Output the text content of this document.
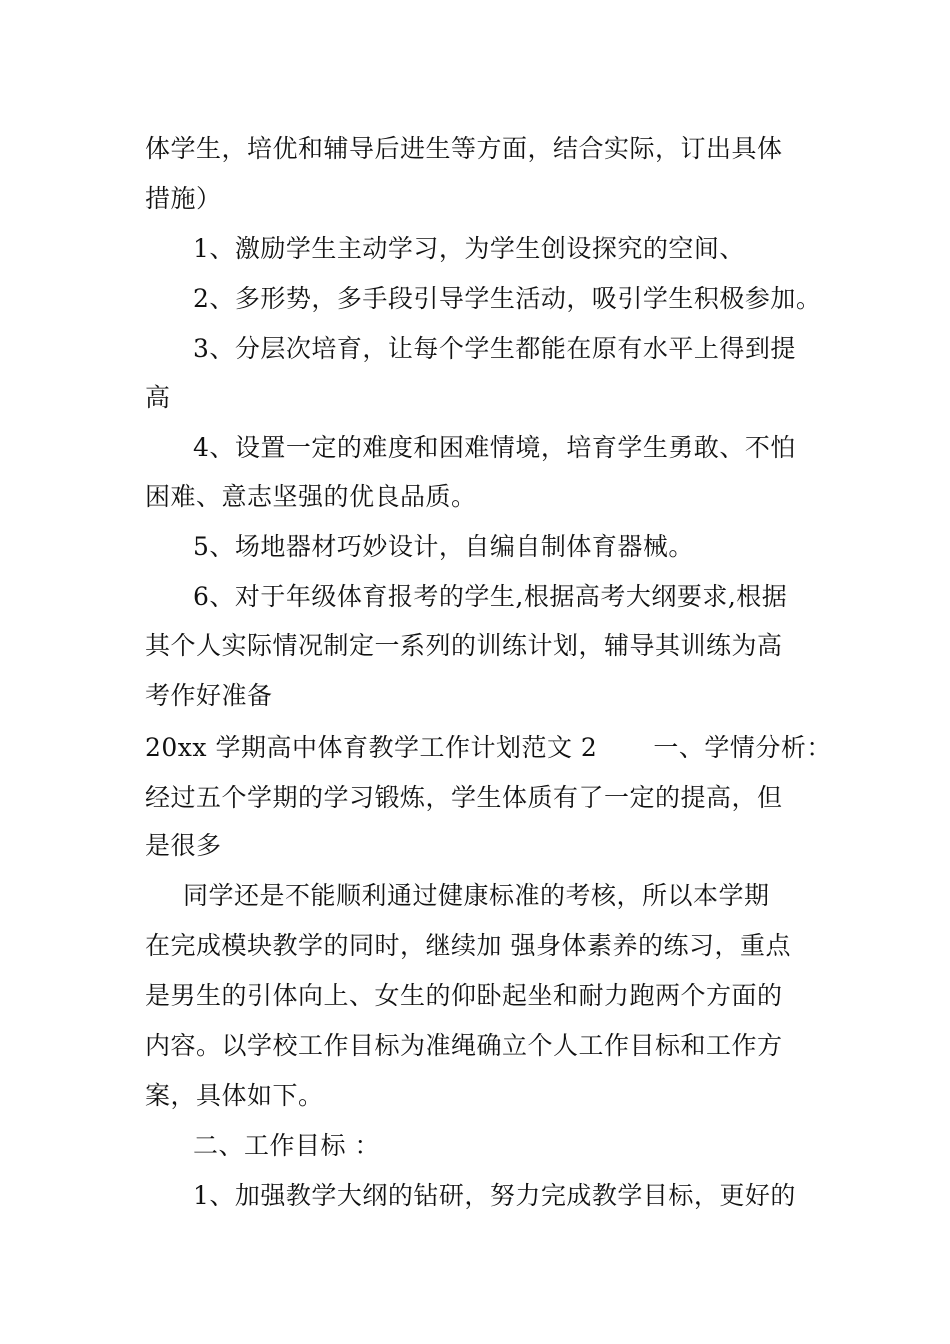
体学生，培优和辅导后进生等方面，结合实际，订出具体
措施）
1、激励学生主动学习，为学生创设探究的空间、
2、多形势，多手段引导学生活动，吸引学生积极参加。
3、分层次培育，让每个学生都能在原有水平上得到提
高
4、设置一定的难度和困难情境，培育学生勇敢、不怕
困难、意志坚强的优良品质。
5、场地器材巧妙设计，自编自制体育器械。
6、对于年级体育报考的学生,根据高考大纲要求,根据
其个人实际情况制定一系列的训练计划，辅导其训练为高
考作好准备
20xx 学期高中体育教学工作计划范文 2 一、学情分析：
经过五个学期的学习锻炼，学生体质有了一定的提高，但
是很多
同学还是不能顺利通过健康标准的考核，所以本学期
在完成模块教学的同时，继续加 强身体素养的练习，重点
是男生的引体向上、女生的仰卧起坐和耐力跑两个方面的
内容。以学校工作目标为准绳确立个人工作目标和工作方
案，具体如下。
二、工作目标 ：
1、加强教学大纲的钻研，努力完成教学目标，更好的
